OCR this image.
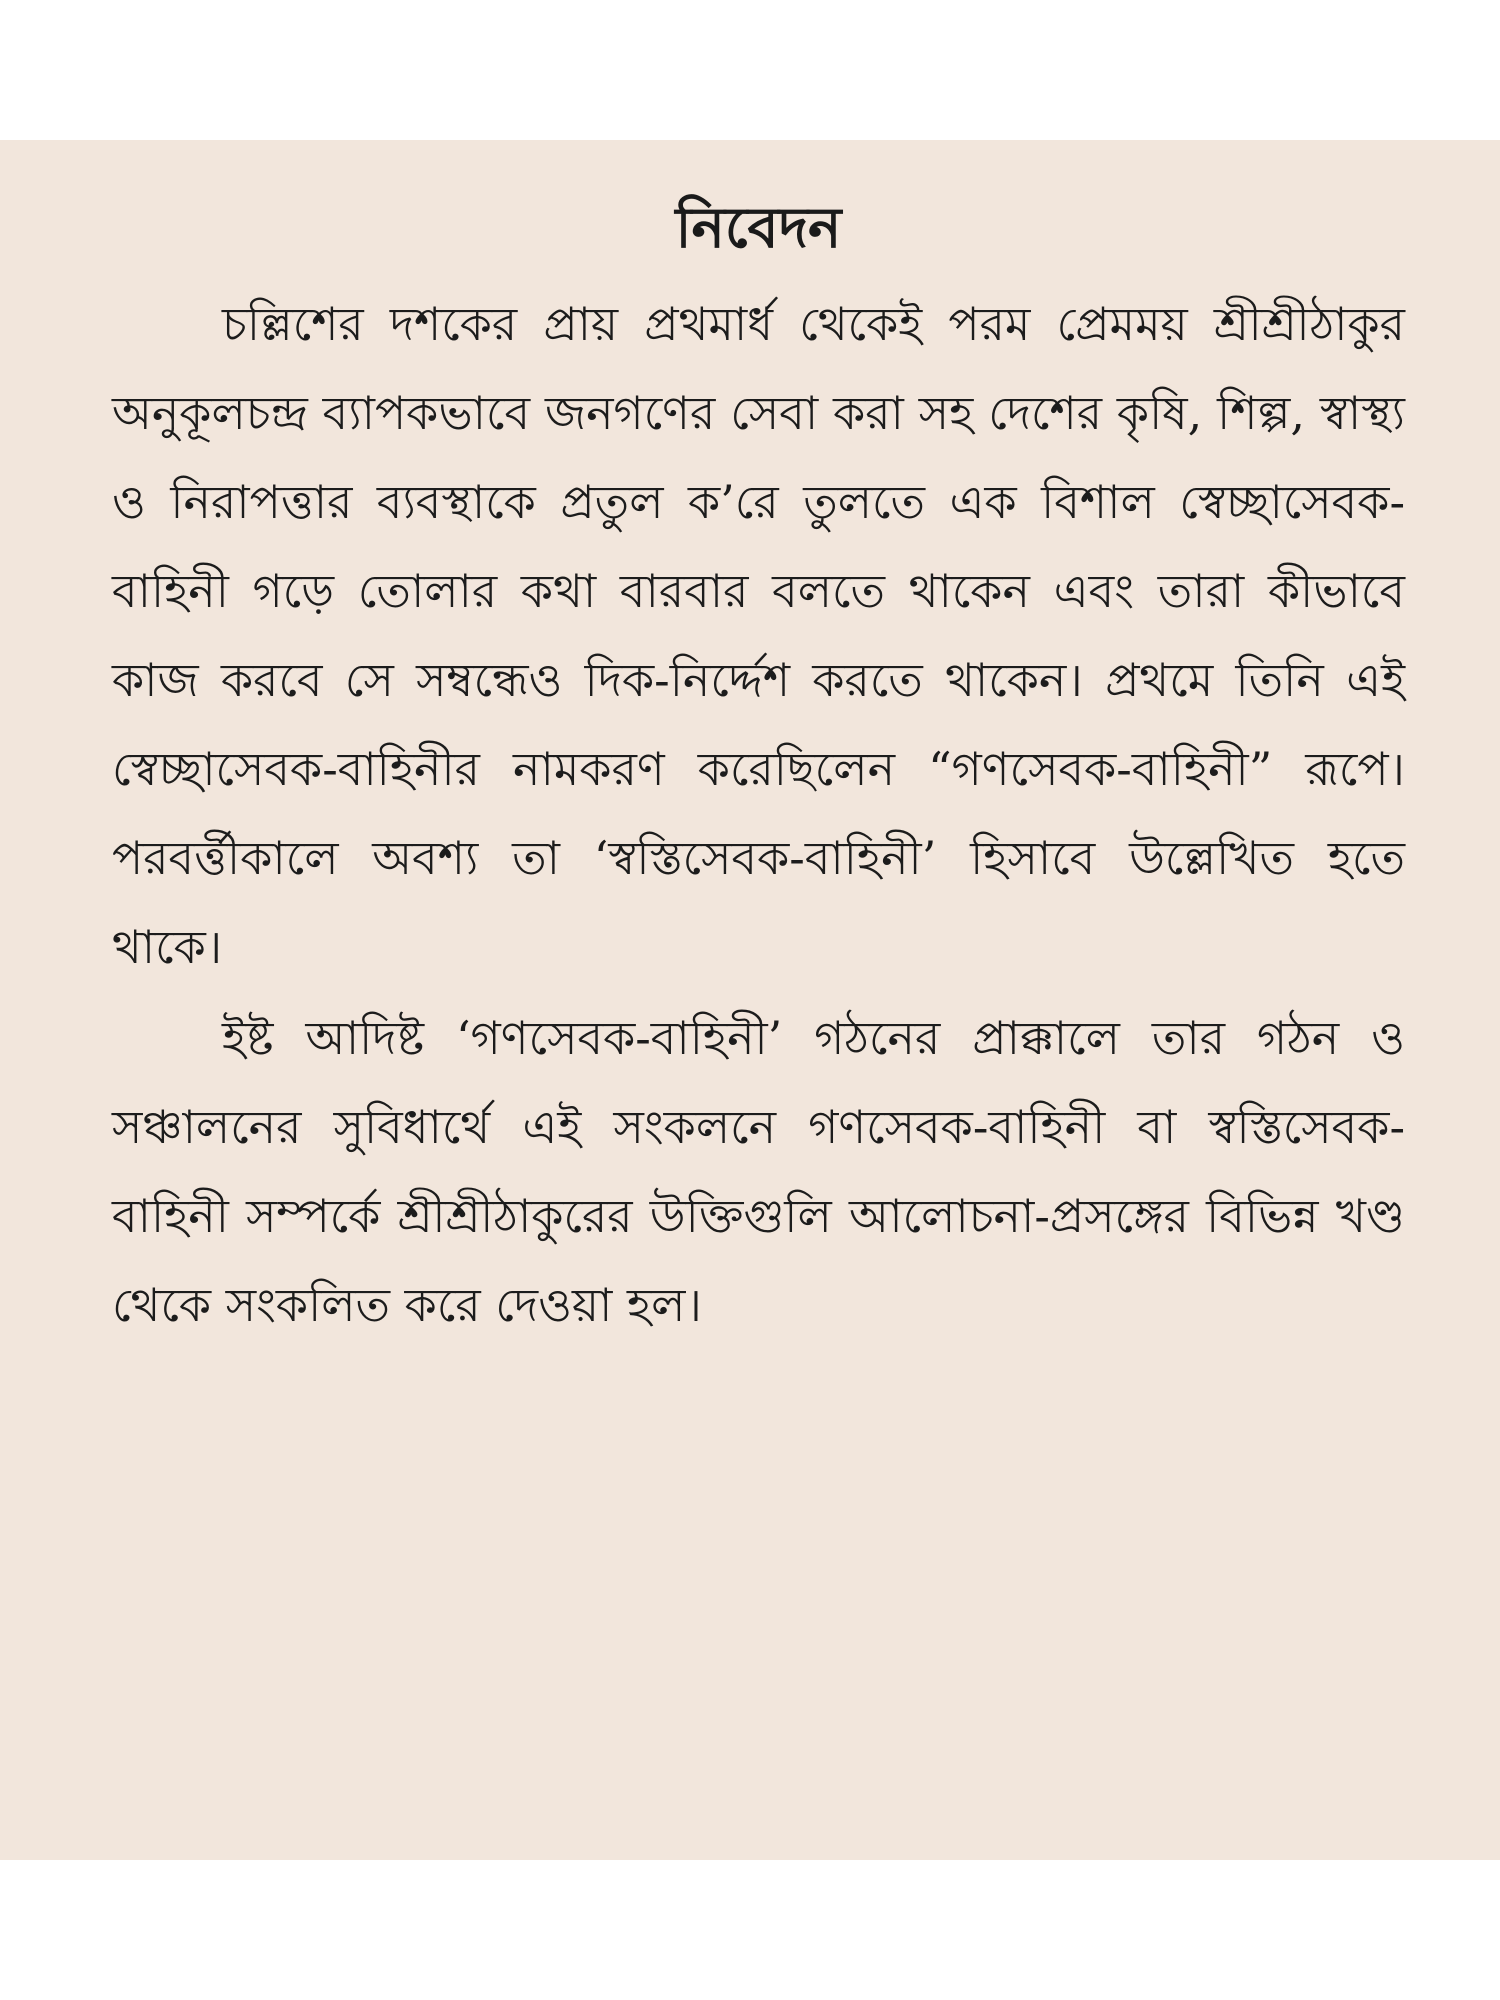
নিবেদন

চল্লিশের দশকের প্রায় প্রথমার্ধ থেকেই পরম প্রেমময় শ্রীশ্রীঠাকুর অনুকূলচন্দ্র ব্যাপকভাবে জনগণের সেবা করা সহ দেশের কৃষি, শিল্প, স্বাস্থ্য ও নিরাপত্তার ব্যবস্থাকে প্রতুল ক’রে তুলতে এক বিশাল স্বেচ্ছাসেবক-বাহিনী গড়ে তোলার কথা বারবার বলতে থাকেন এবং তারা কীভাবে কাজ করবে সে সম্বন্ধেও দিক-নির্দ্দেশ করতে থাকেন। প্রথমে তিনি এই স্বেচ্ছাসেবক-বাহিনীর নামকরণ করেছিলেন “গণসেবক-বাহিনী” রূপে। পরবর্ত্তীকালে অবশ্য তা ‘স্বস্তিসেবক-বাহিনী’ হিসাবে উল্লেখিত হতে থাকে।

ইষ্ট আদিষ্ট ‘গণসেবক-বাহিনী’ গঠনের প্রাক্কালে তার গঠন ও সঞ্চালনের সুবিধার্থে এই সংকলনে গণসেবক-বাহিনী বা স্বস্তিসেবক-বাহিনী সম্পর্কে শ্রীশ্রীঠাকুরের উক্তিগুলি আলোচনা-প্রসঙ্গের বিভিন্ন খণ্ড থেকে সংকলিত করে দেওয়া হল।
